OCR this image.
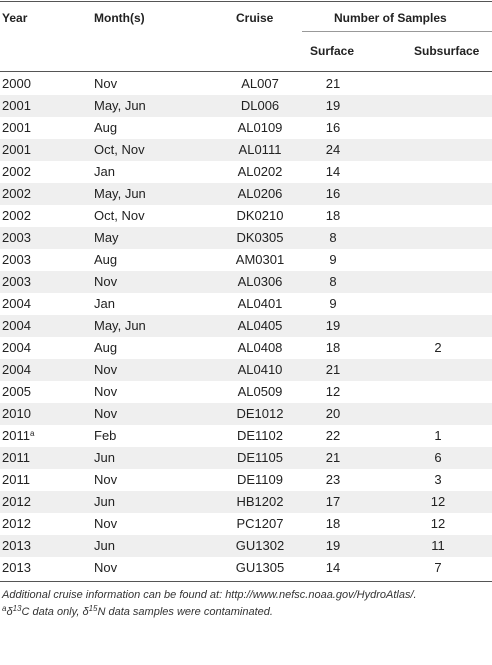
Year	Month(s)	Cruise	Number of Samples
Surface	Subsurface
2000	Nov	AL007	21
2001	May, Jun	DL006	19
2001	Aug	AL0109	16
2001	Oct, Nov	AL0111	24
2002	Jan	AL0202	14
2002	May, Jun	AL0206	16
2002	Oct, Nov	DK0210	18
2003	May	DK0305	8
2003	Aug	AM0301	9
2003	Nov	AL0306	8
2004	Jan	AL0401	9
2004	May, Jun	AL0405	19
2004	Aug	AL0408	18	2
2004	Nov	AL0410	21
2005	Nov	AL0509	12
2010	Nov	DE1012	20
2011$^a$	Feb	DE1102	22	1
2011	Jun	DE1105	21	6
2011	Nov	DE1109	23	3
2012	Jun	HB1202	17	12
2012	Nov	PC1207	18	12
2013	Jun	GU1302	19	11
2013	Nov	GU1305	14	7
Additional cruise information can be found at: http://www.nefsc.noaa.gov/HydroAtlas/.
$^a\delta^{13}C$ data only, $\delta^{15}N$ data samples were contaminated.
